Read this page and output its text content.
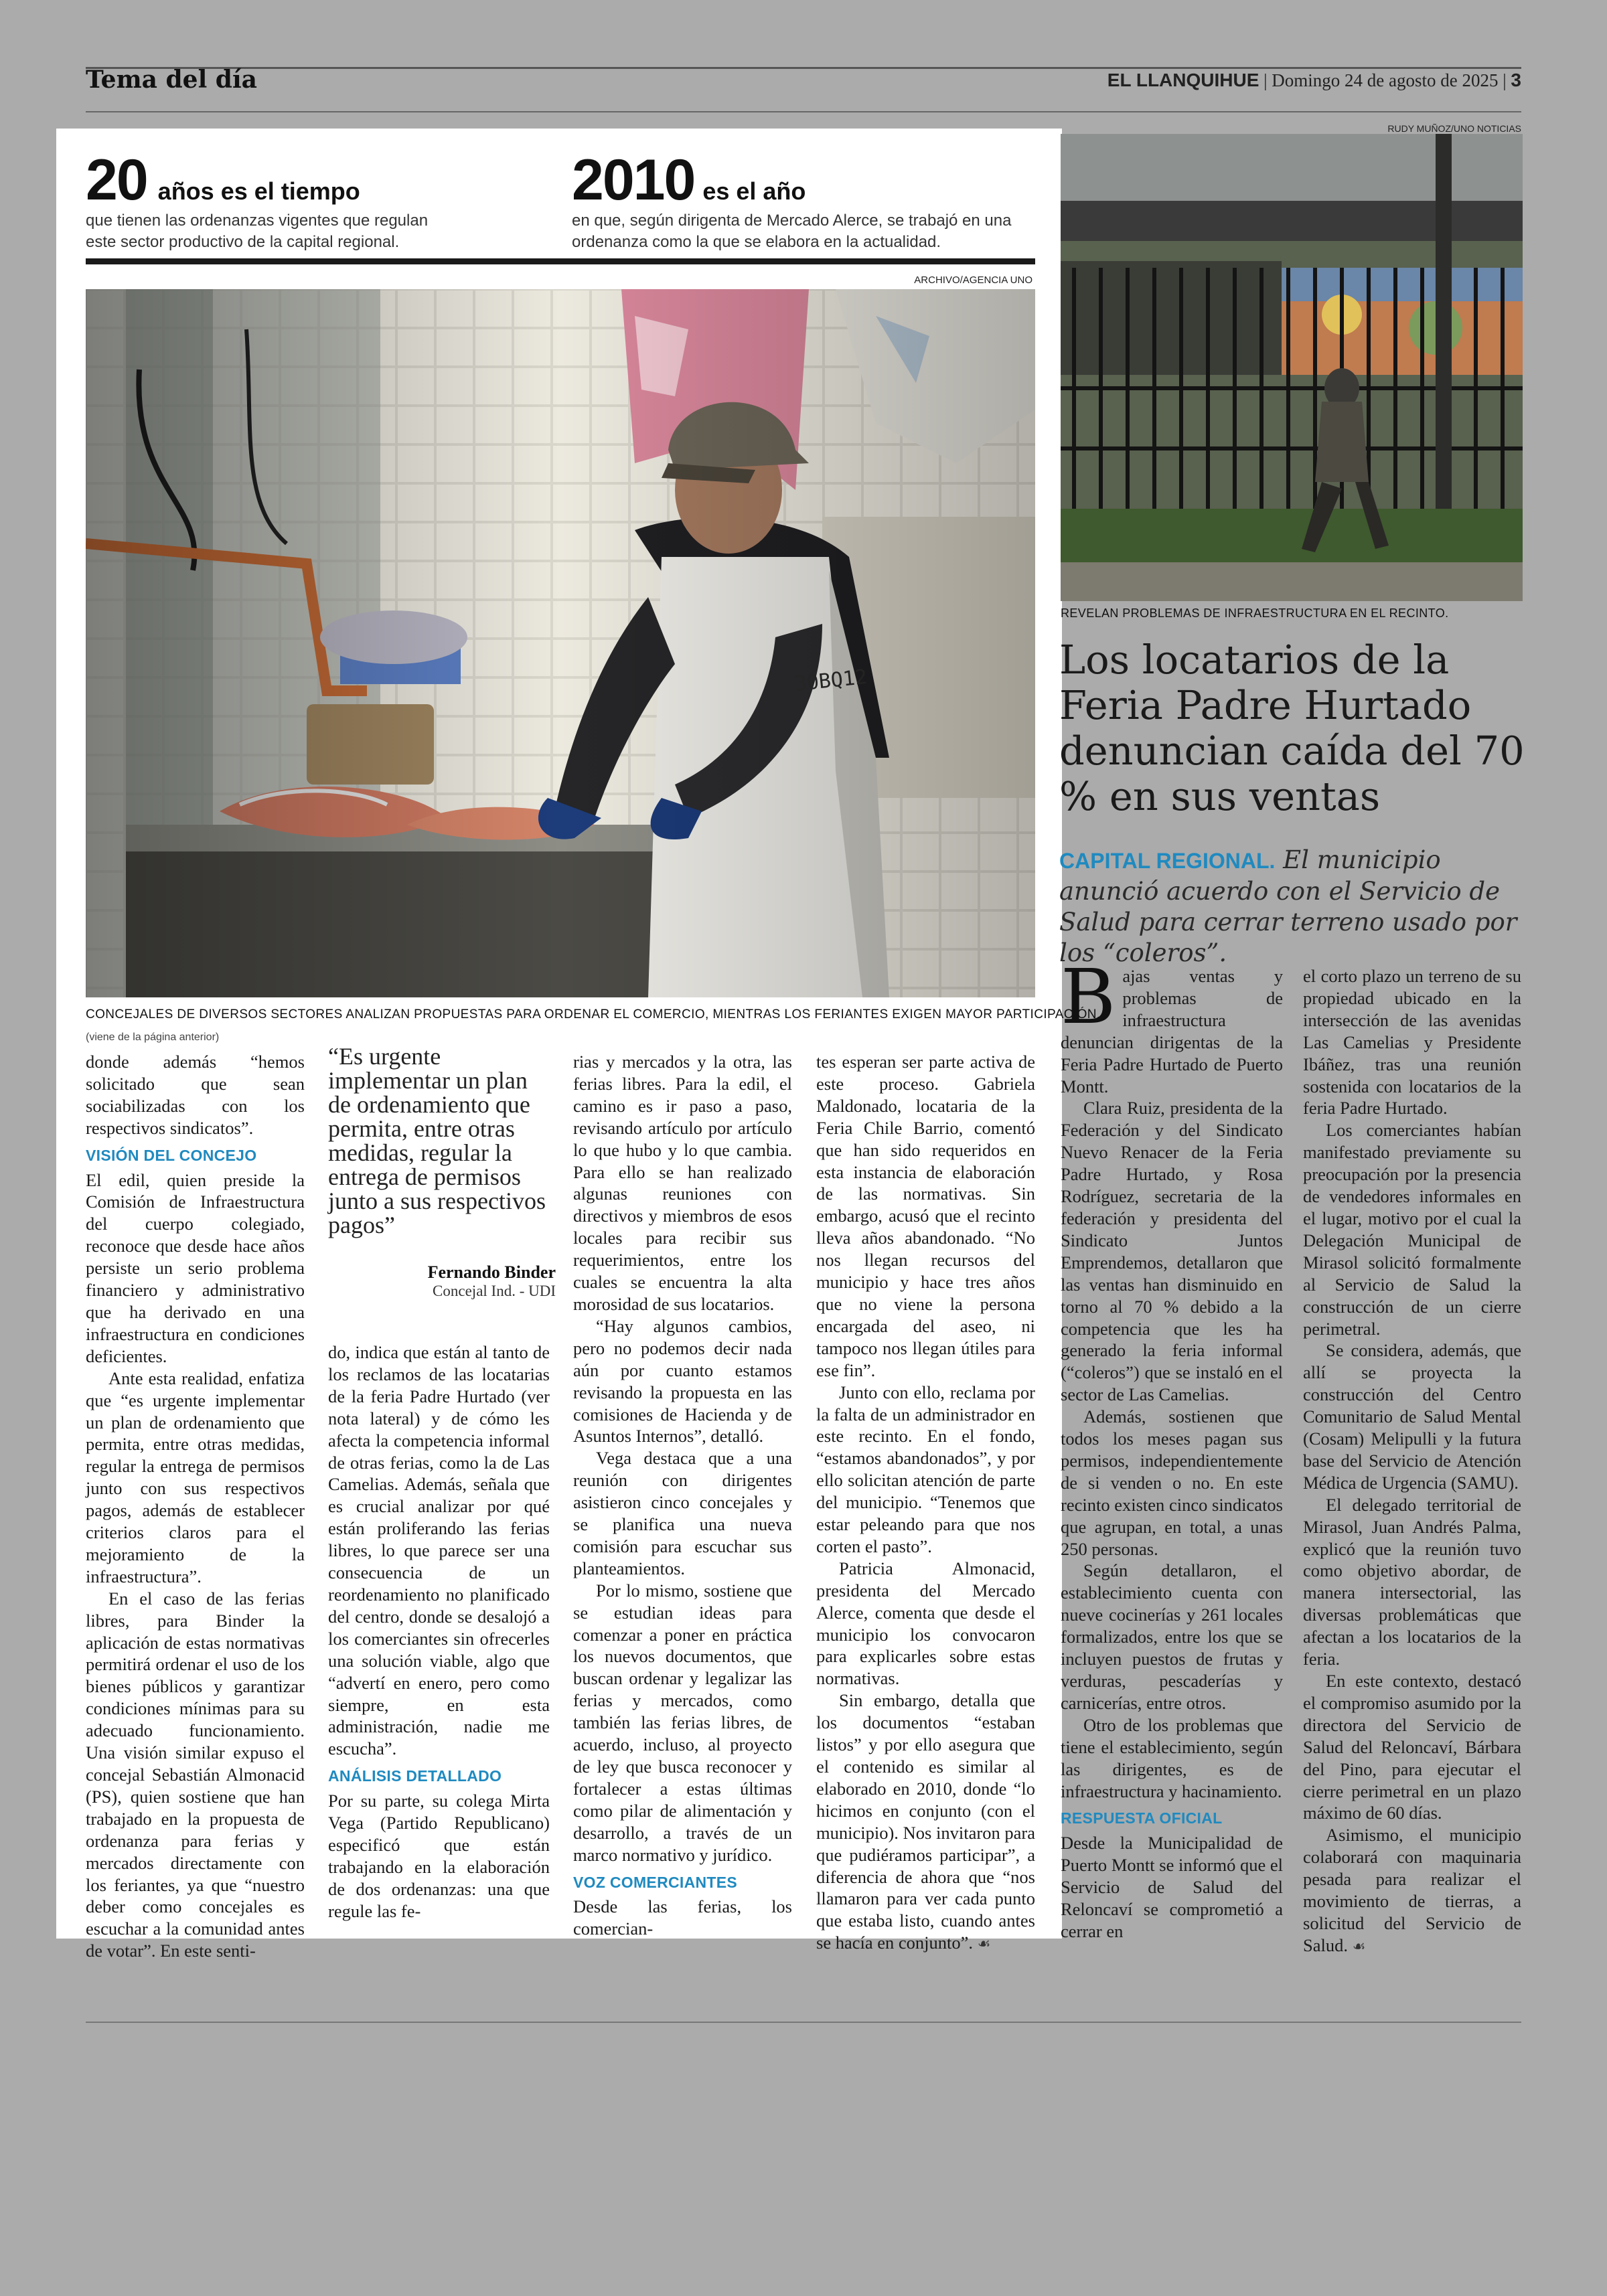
Tema del día	EL LLANQUIHUE | Domingo 24 de agosto de 2025 | 3
20 años es el tiempo
que tienen las ordenanzas vigentes que regulan
este sector productivo de la capital regional.
2010 es el año
en que, según dirigenta de Mercado Alerce, se trabajó en una
ordenanza como la que se elabora en la actualidad.
ARCHIVO/AGENCIA UNO
CONCEJALES DE DIVERSOS SECTORES ANALIZAN PROPUESTAS PARA ORDENAR EL COMERCIO, MIENTRAS LOS FERIANTES EXIGEN MAYOR PARTICIPACIÓN.
(viene de la página anterior)

donde además “hemos solicitado que sean sociabilizadas con los respectivos sindicatos”.

VISIÓN DEL CONCEJO

El edil, quien preside la Comisión de Infraestructura del cuerpo colegiado, reconoce que desde hace años persiste un serio problema financiero y administrativo que ha derivado en una infraestructura en condiciones deficientes.

Ante esta realidad, enfatiza que “es urgente implementar un plan de ordenamiento que permita, entre otras medidas, regular la entrega de permisos junto con sus respectivos pagos, además de establecer criterios claros para el mejoramiento de la infraestructura”.

En el caso de las ferias libres, para Binder la aplicación de estas normativas permitirá ordenar el uso de los bienes públicos y garantizar condiciones mínimas para su adecuado funcionamiento. Una visión similar expuso el concejal Sebastián Almonacid (PS), quien sostiene que han trabajado en la propuesta de ordenanza para ferias y mercados directamente con los feriantes, ya que “nuestro deber como concejales es escuchar a la comunidad antes de votar”. En este senti-

“Es urgente implementar un plan de ordenamiento que permita, entre otras medidas, regular la entrega de permisos junto a sus respectivos pagos”
Fernando Binder
Concejal Ind. - UDI

do, indica que están al tanto de los reclamos de las locatarias de la feria Padre Hurtado (ver nota lateral) y de cómo les afecta la competencia informal de otras ferias, como la de Las Camelias. Además, señala que es crucial analizar por qué están proliferando las ferias libres, lo que parece ser una consecuencia de un reordenamiento no planificado del centro, donde se desalojó a los comerciantes sin ofrecerles una solución viable, algo que “advertí en enero, pero como siempre, en esta administración, nadie me escucha”.

ANÁLISIS DETALLADO

Por su parte, su colega Mirta Vega (Partido Republicano) especificó que están trabajando en la elaboración de dos ordenanzas: una que regule las fe-

rias y mercados y la otra, las ferias libres. Para la edil, el camino es ir paso a paso, revisando artículo por artículo lo que hubo y lo que cambia. Para ello se han realizado algunas reuniones con directivos y miembros de esos locales para recibir sus requerimientos, entre los cuales se encuentra la alta morosidad de sus locatarios.

“Hay algunos cambios, pero no podemos decir nada aún por cuanto estamos revisando la propuesta en las comisiones de Hacienda y de Asuntos Internos”, detalló.

Vega destaca que a una reunión con dirigentes asistieron cinco concejales y se planifica una nueva comisión para escuchar sus planteamientos.

Por lo mismo, sostiene que se estudian ideas para comenzar a poner en práctica los nuevos documentos, que buscan ordenar y legalizar las ferias y mercados, como también las ferias libres, de acuerdo, incluso, al proyecto de ley que busca reconocer y fortalecer a estas últimas como pilar de alimentación y desarrollo, a través de un marco normativo y jurídico.

VOZ COMERCIANTES

Desde las ferias, los comercian-

tes esperan ser parte activa de este proceso. Gabriela Maldonado, locataria de la Feria Chile Barrio, comentó que han sido requeridos en esta instancia de elaboración de las normativas. Sin embargo, acusó que el recinto lleva años abandonado. “No nos llegan recursos del municipio y hace tres años que no viene la persona encargada del aseo, ni tampoco nos llegan útiles para ese fin”.

Junto con ello, reclama por la falta de un administrador en este recinto. En el fondo, “estamos abandonados”, y por ello solicitan atención de parte del municipio. “Tenemos que estar peleando para que nos corten el pasto”.

Patricia Almonacid, presidenta del Mercado Alerce, comenta que desde el municipio los convocaron para explicarles sobre estas normativas.

Sin embargo, detalla que los documentos “estaban listos” y por ello asegura que el contenido es similar al elaborado en 2010, donde “lo hicimos en conjunto (con el municipio). Nos invitaron para que pudiéramos participar”, a diferencia de ahora que “nos llamaron para ver cada punto que estaba listo, cuando antes se hacía en conjunto”. ☙

RUDY MUÑOZ/UNO NOTICIAS
REVELAN PROBLEMAS DE INFRAESTRUCTURA EN EL RECINTO.
Los locatarios de la Feria Padre Hurtado denuncian caída del 70 % en sus ventas
CAPITAL REGIONAL. El municipio anunció acuerdo con el Servicio de Salud para cerrar terreno usado por los “coleros”.

Bajas ventas y problemas de infraestructura denuncian dirigentas de la Feria Padre Hurtado de Puerto Montt.

Clara Ruiz, presidenta de la Federación y del Sindicato Nuevo Renacer de la Feria Padre Hurtado, y Rosa Rodríguez, secretaria de la federación y presidenta del Sindicato Juntos Emprendemos, detallaron que las ventas han disminuido en torno al 70 % debido a la competencia que les ha generado la feria informal (“coleros”) que se instaló en el sector de Las Camelias.

Además, sostienen que todos los meses pagan sus permisos, independientemente de si venden o no. En este recinto existen cinco sindicatos que agrupan, en total, a unas 250 personas.

Según detallaron, el establecimiento cuenta con nueve cocinerías y 261 locales formalizados, entre los que se incluyen puestos de frutas y verduras, pescaderías y carnicerías, entre otros.

Otro de los problemas que tiene el establecimiento, según las dirigentes, es de infraestructura y hacinamiento.

RESPUESTA OFICIAL

Desde la Municipalidad de Puerto Montt se informó que el Servicio de Salud del Reloncaví se comprometió a cerrar en

el corto plazo un terreno de su propiedad ubicado en la intersección de las avenidas Las Camelias y Presidente Ibáñez, tras una reunión sostenida con locatarios de la feria Padre Hurtado.

Los comerciantes habían manifestado previamente su preocupación por la presencia de vendedores informales en el lugar, motivo por el cual la Delegación Municipal de Mirasol solicitó formalmente al Servicio de Salud la construcción de un cierre perimetral.

Se considera, además, que allí se proyecta la construcción del Centro Comunitario de Salud Mental (Cosam) Melipulli y la futura base del Servicio de Atención Médica de Urgencia (SAMU).

El delegado territorial de Mirasol, Juan Andrés Palma, explicó que la reunión tuvo como objetivo abordar, de manera intersectorial, las diversas problemáticas que afectan a los locatarios de la feria.

En este contexto, destacó el compromiso asumido por la directora del Servicio de Salud del Reloncaví, Bárbara del Pino, para ejecutar el cierre perimetral en un plazo máximo de 60 días.

Asimismo, el municipio colaborará con maquinaria pesada para realizar el movimiento de tierras, a solicitud del Servicio de Salud. ☙
